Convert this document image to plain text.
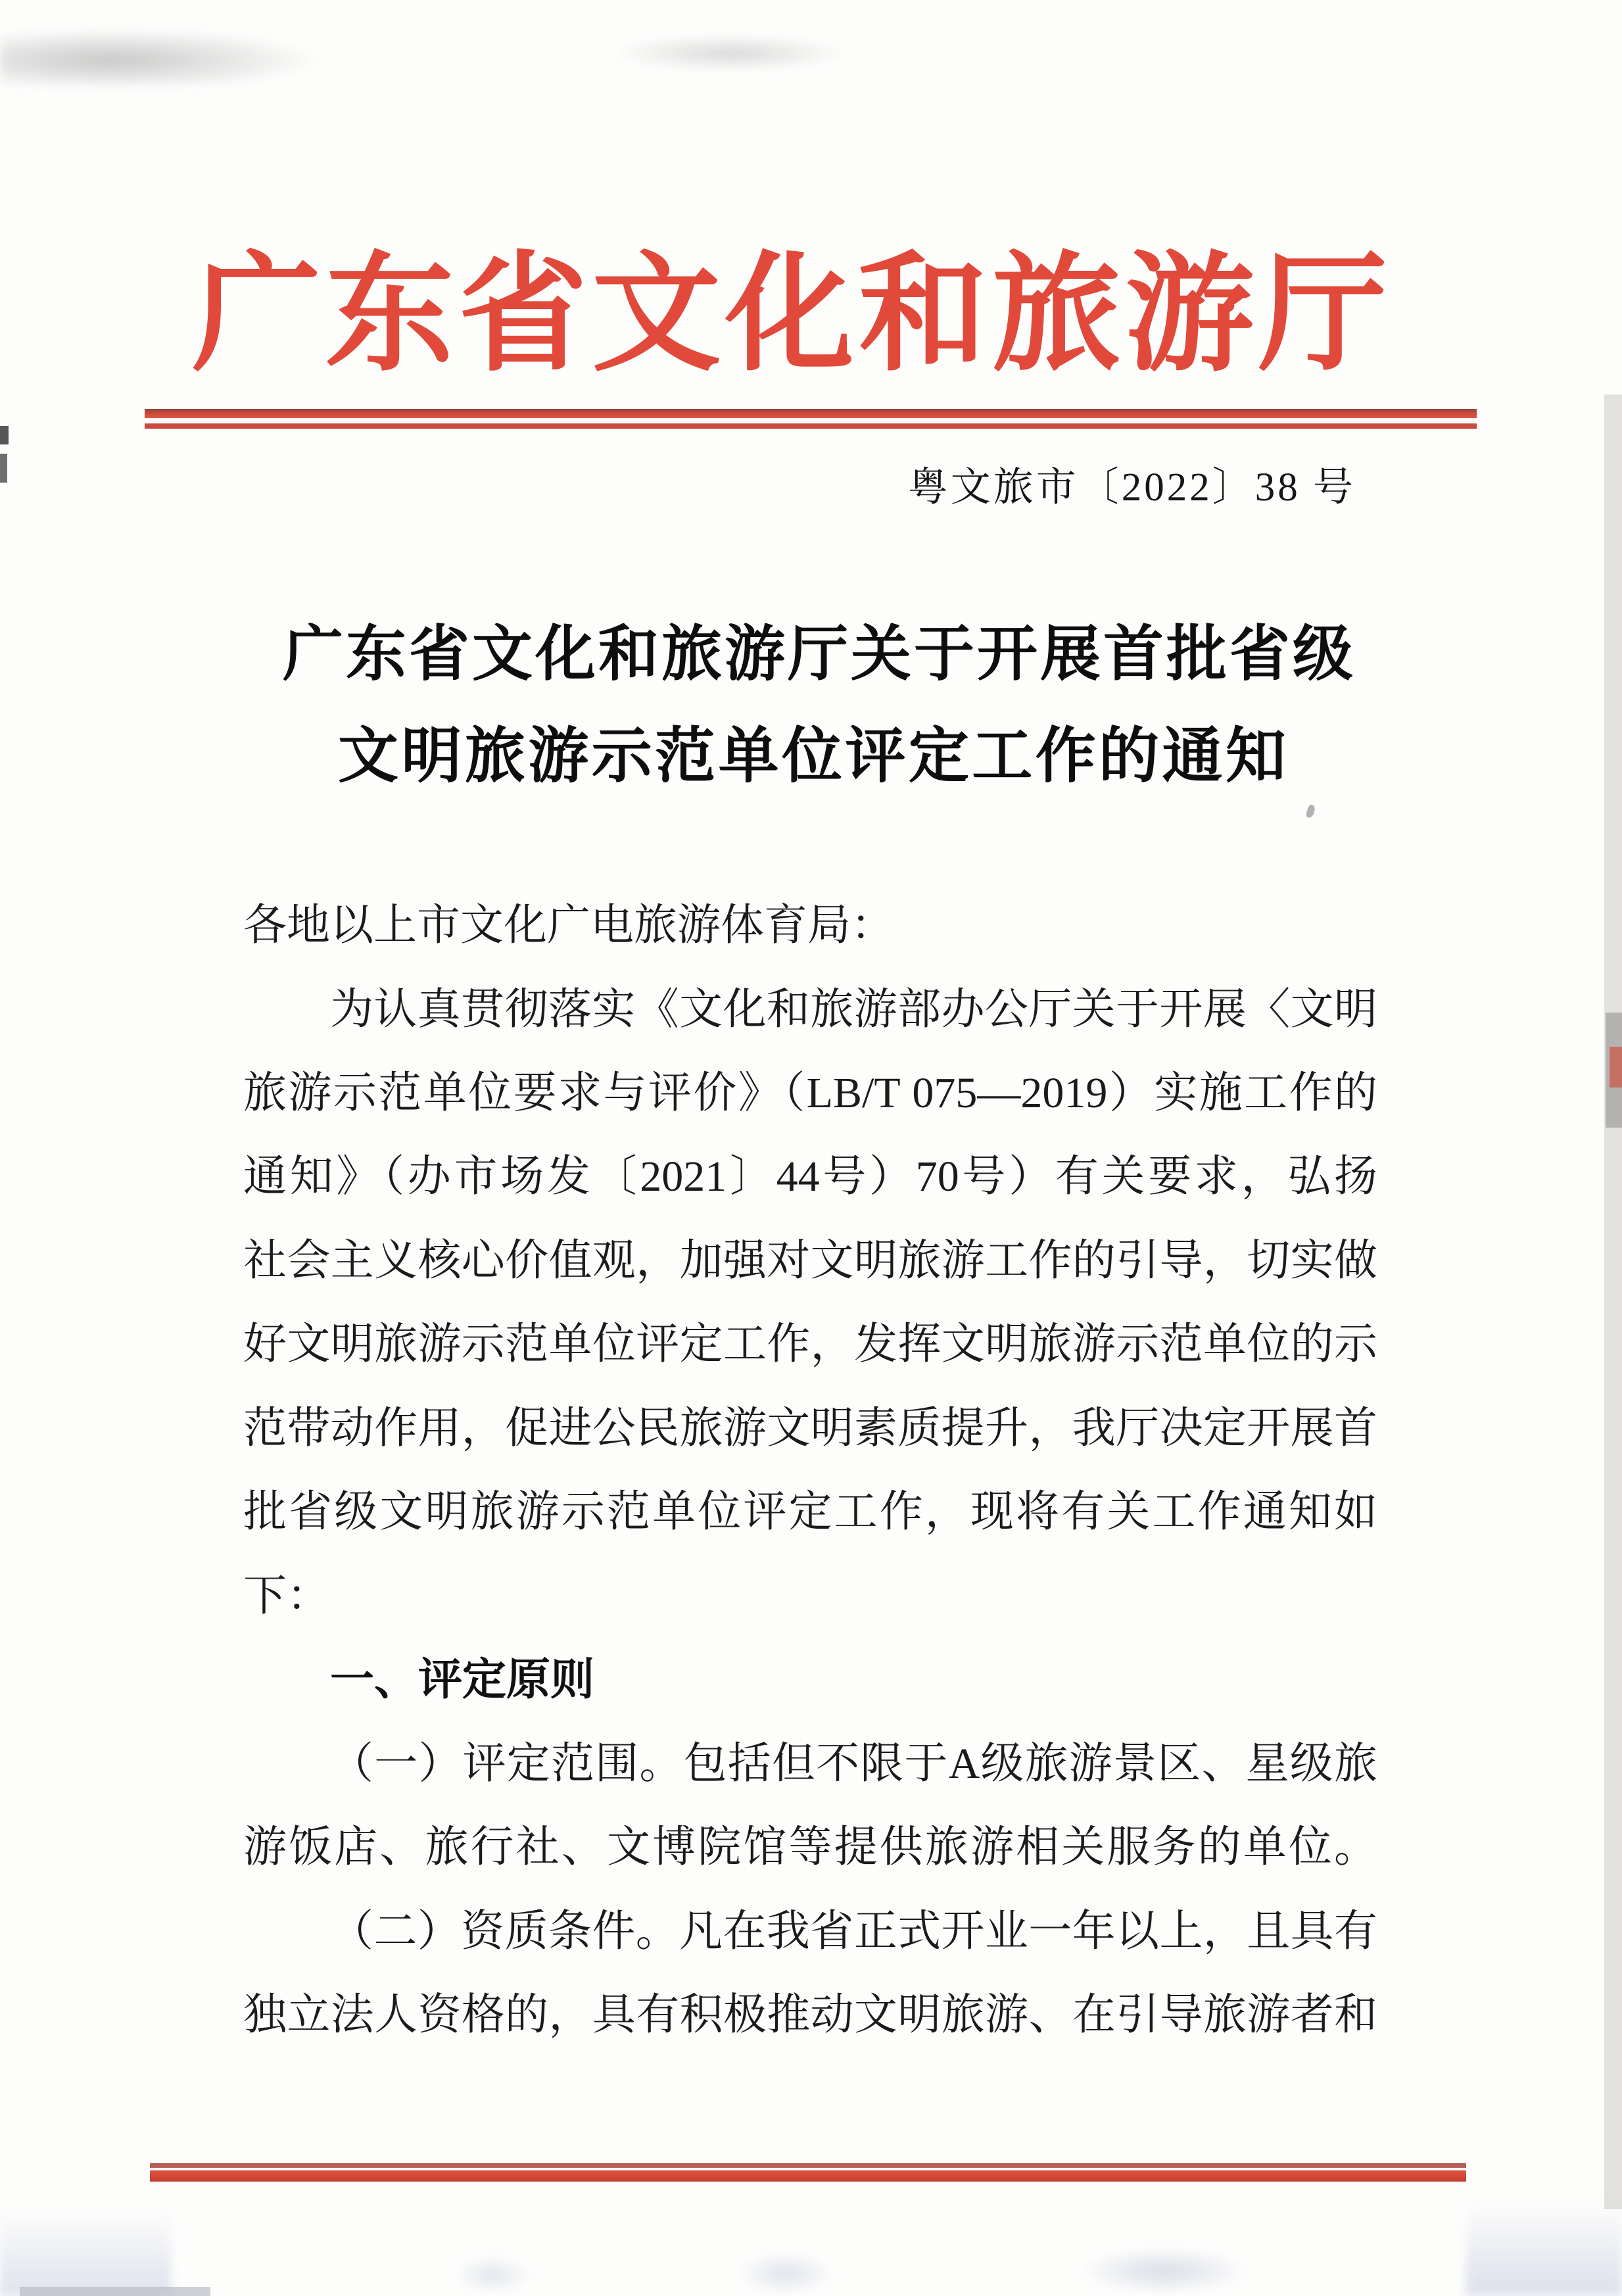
广东省文化和旅游厅
粤文旅市〔2022〕38 号
广东省文化和旅游厅关于开展首批省级
文明旅游示范单位评定工作的通知
各地以上市文化广电旅游体育局：
为认真贯彻落实《文化和旅游部办公厅关于开展〈文明
旅游示范单位要求与评价》（LB/T 075—2019）实施工作的
通知》（办市场发〔2021〕44号）70号）有关要求，弘扬
社会主义核心价值观，加强对文明旅游工作的引导，切实做
好文明旅游示范单位评定工作，发挥文明旅游示范单位的示
范带动作用，促进公民旅游文明素质提升，我厅决定开展首
批省级文明旅游示范单位评定工作，现将有关工作通知如
下：
一、评定原则
（一）评定范围。包括但不限于A级旅游景区、星级旅
游饭店、旅行社、文博院馆等提供旅游相关服务的单位。
（二）资质条件。凡在我省正式开业一年以上，且具有
独立法人资格的，具有积极推动文明旅游、在引导旅游者和
